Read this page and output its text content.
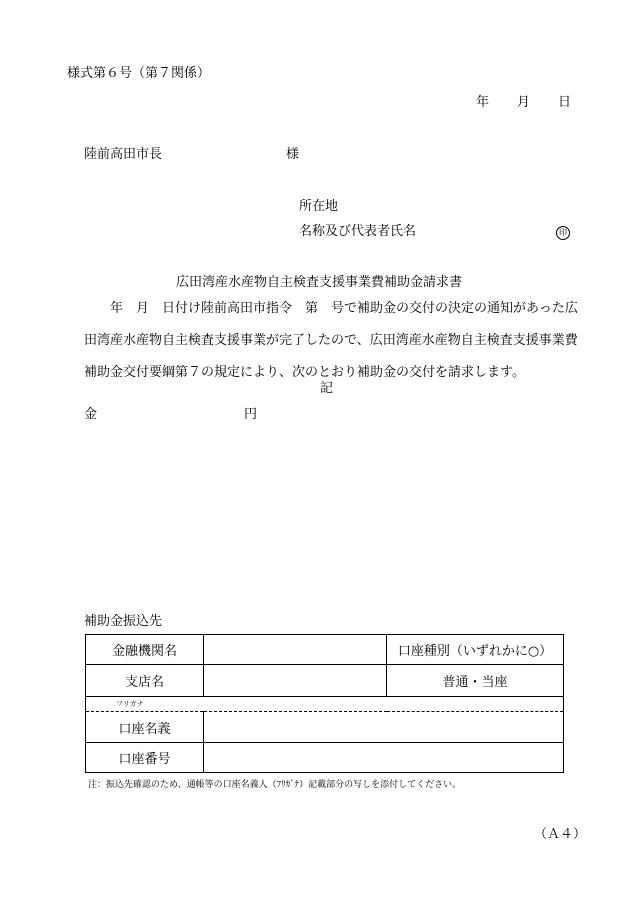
様式第６号（第７関係）
年 月 日
陸前高田市長	様
所在地
名称及び代表者氏名	印
広田湾産水産物自主検査支援事業費補助金請求書
　　年　月　日付け陸前高田市指令　第　号で補助金の交付の決定の通知があった広田湾産水産物自主検査支援事業が完了したので、広田湾産水産物自主検査支援事業費補助金交付要綱第７の規定により、次のとおり補助金の交付を請求します。
記
金	円
補助金振込先
金融機関名		口座種別（いずれかに○）
支店名		普通・当座

フリガナ		

口座名義		
口座番号		
注：振込先確認のため、通帳等の口座名義人（ﾌﾘｶﾞﾅ）記載部分の写しを添付してください。
（Ａ４）
